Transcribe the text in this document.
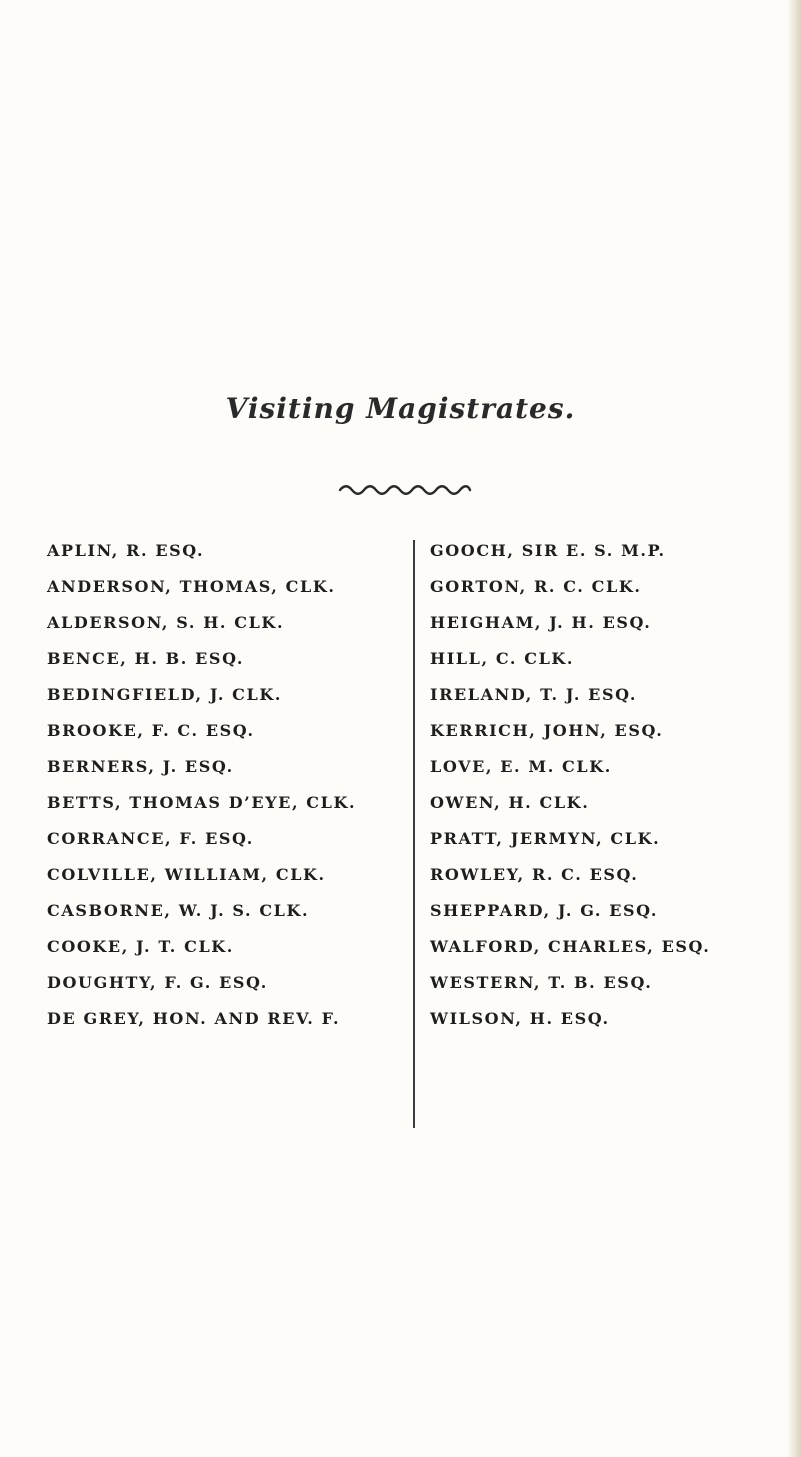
Visiting Magistrates.
APLIN, R. ESQ.
ANDERSON, THOMAS, CLK.
ALDERSON, S. H. CLK.
BENCE, H. B. ESQ.
BEDINGFIELD, J. CLK.
BROOKE, F. C. ESQ.
BERNERS, J. ESQ.
BETTS, THOMAS D’EYE, CLK.
CORRANCE, F. ESQ.
COLVILLE, WILLIAM, CLK.
CASBORNE, W. J. S. CLK.
COOKE, J. T. CLK.
DOUGHTY, F. G. ESQ.
DE GREY, HON. AND REV. F.
GOOCH, SIR E. S. M.P.
GORTON, R. C. CLK.
HEIGHAM, J. H. ESQ.
HILL, C. CLK.
IRELAND, T. J. ESQ.
KERRICH, JOHN, ESQ.
LOVE, E. M. CLK.
OWEN, H. CLK.
PRATT, JERMYN, CLK.
ROWLEY, R. C. ESQ.
SHEPPARD, J. G. ESQ.
WALFORD, CHARLES, ESQ.
WESTERN, T. B. ESQ.
WILSON, H. ESQ.
